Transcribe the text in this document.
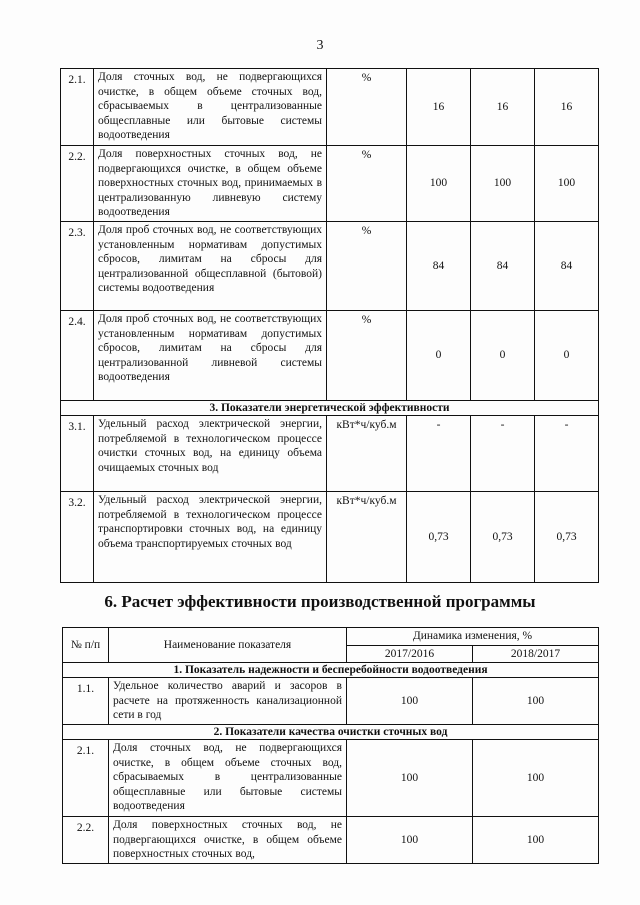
3
2.1.	Доля сточных вод, не подвергающихся очистке, в общем объеме сточных вод, сбрасываемых в централизованные общесплавные или бытовые системы водоотведения	%	16	16	16
2.2.	Доля поверхностных сточных вод, не подвергающихся очистке, в общем объеме поверхностных сточных вод, принимаемых в централизованную ливневую систему водоотведения	%	100	100	100
2.3.	Доля проб сточных вод, не соответствующих установленным нормативам допустимых сбросов, лимитам на сбросы для централизованной общесплавной (бытовой) системы водоотведения	%	84	84	84
2.4.	Доля проб сточных вод, не соответствующих установленным нормативам допустимых сбросов, лимитам на сбросы для централизованной ливневой системы водоотведения	%	0	0	0
3. Показатели энергетической эффективности					
3.1.	Удельный расход электрической энергии, потребляемой в технологическом процессе очистки сточных вод, на единицу объема очищаемых сточных вод	кВт*ч/куб.м	-	-	-
3.2.	Удельный расход электрической энергии, потребляемой в технологическом процессе транспортировки сточных вод, на единицу объема транспортируемых сточных вод	кВт*ч/куб.м	0,73	0,73	0,73
6. Расчет эффективности производственной программы
№ п/п	Наименование показателя	Динамика изменения, %	
		2017/2016	2018/2017
1. Показатель надежности и бесперебойности водоотведения			
1.1.	Удельное количество аварий и засоров в расчете на протяженность канализационной сети в год	100	100
2. Показатели качества очистки сточных вод			
2.1.	Доля сточных вод, не подвергающихся очистке, в общем объеме сточных вод, сбрасываемых в централизованные общесплавные или бытовые системы водоотведения	100	100
2.2.	Доля поверхностных сточных вод, не подвергающихся очистке, в общем объеме поверхностных сточных вод,	100	100
